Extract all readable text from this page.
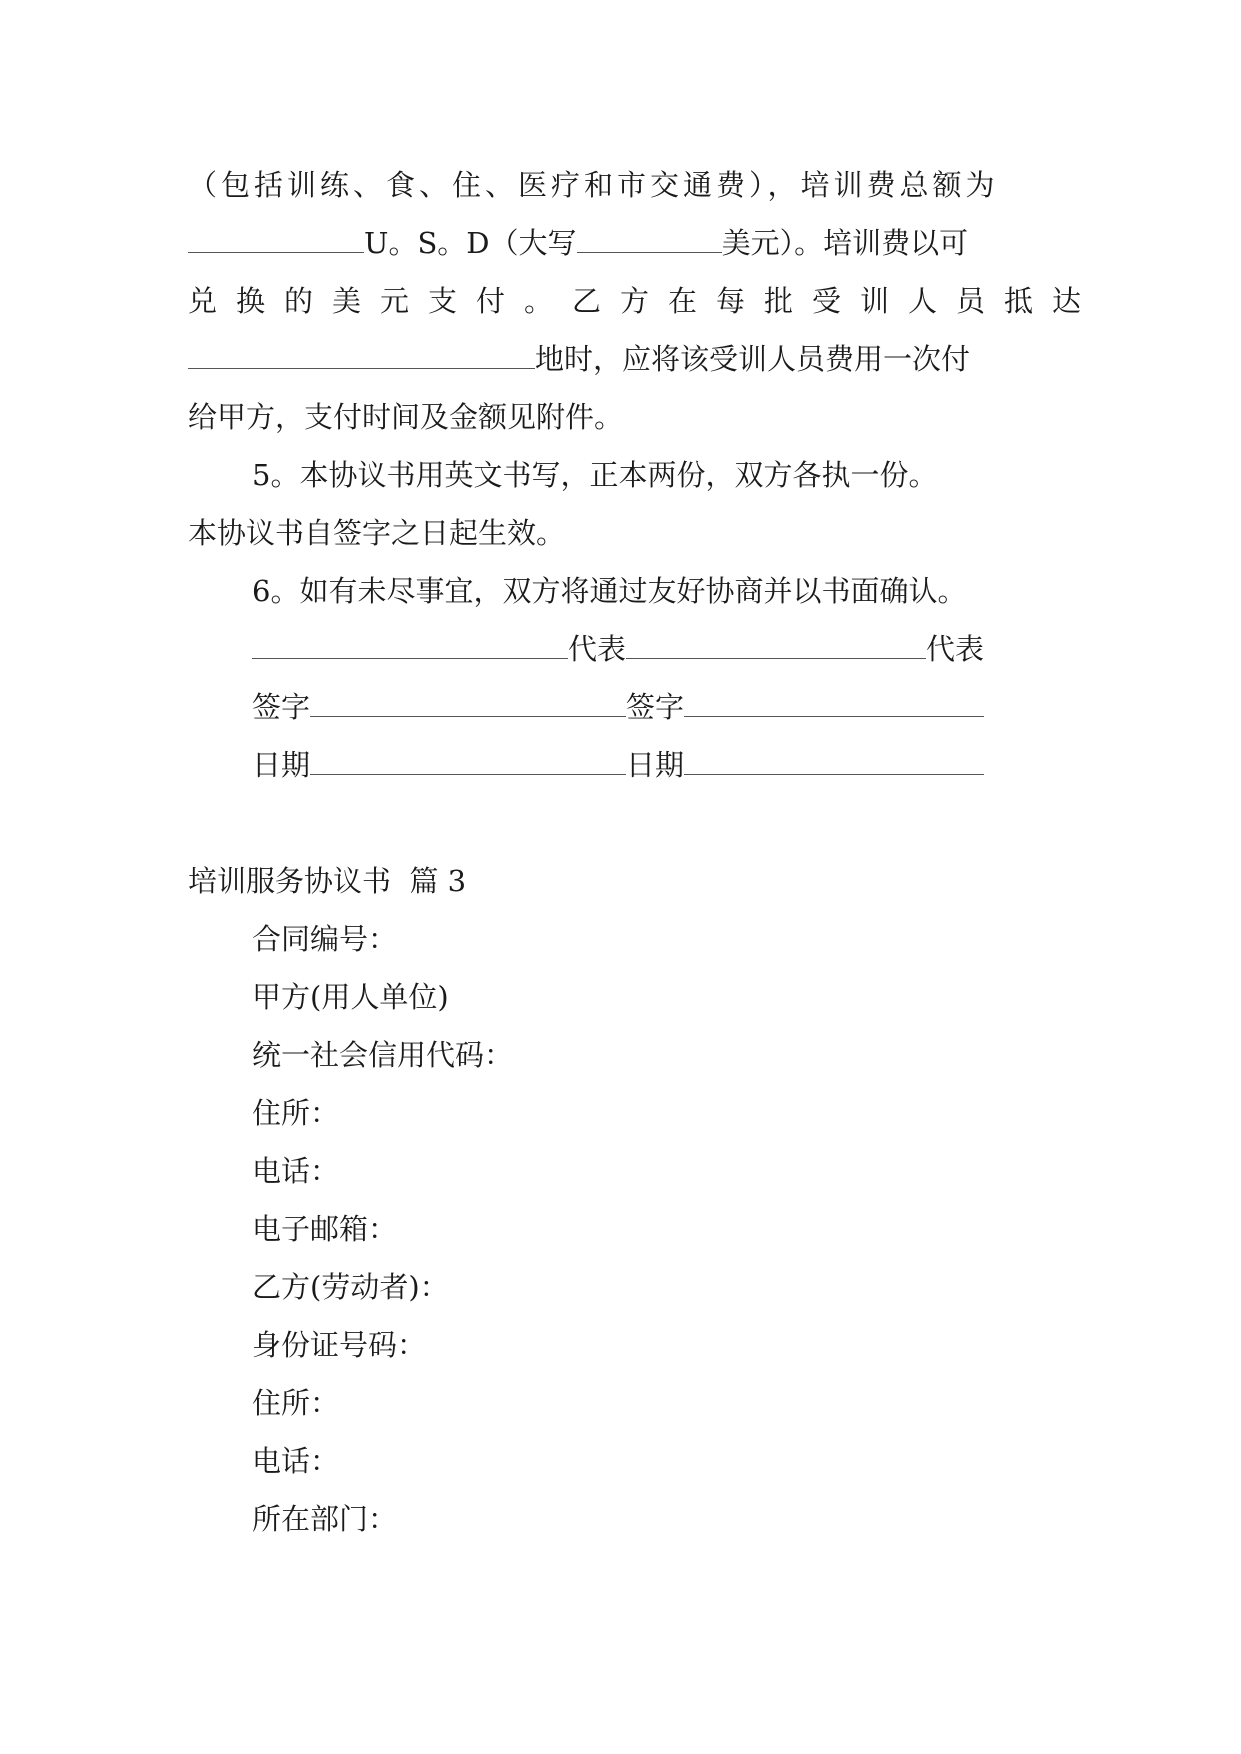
（包括训练、食、住、医疗和市交通费），培训费总额为
U。S。D（大写	美元）。培训费以可
兑换的美元支付。乙方在每批受训人员抵达
地时，应将该受训人员费用一次付
给甲方，支付时间及金额见附件。
5。本协议书用英文书写，正本两份，双方各执一份。
本协议书自签字之日起生效。
6。如有未尽事宜，双方将通过友好协商并以书面确认。
代表	代表
签字	签字
日期	日期
培训服务协议书  篇 3
合同编号：
甲方(用人单位)
统一社会信用代码：
住所：
电话：
电子邮箱：
乙方(劳动者)：
身份证号码：
住所：
电话：
所在部门：
